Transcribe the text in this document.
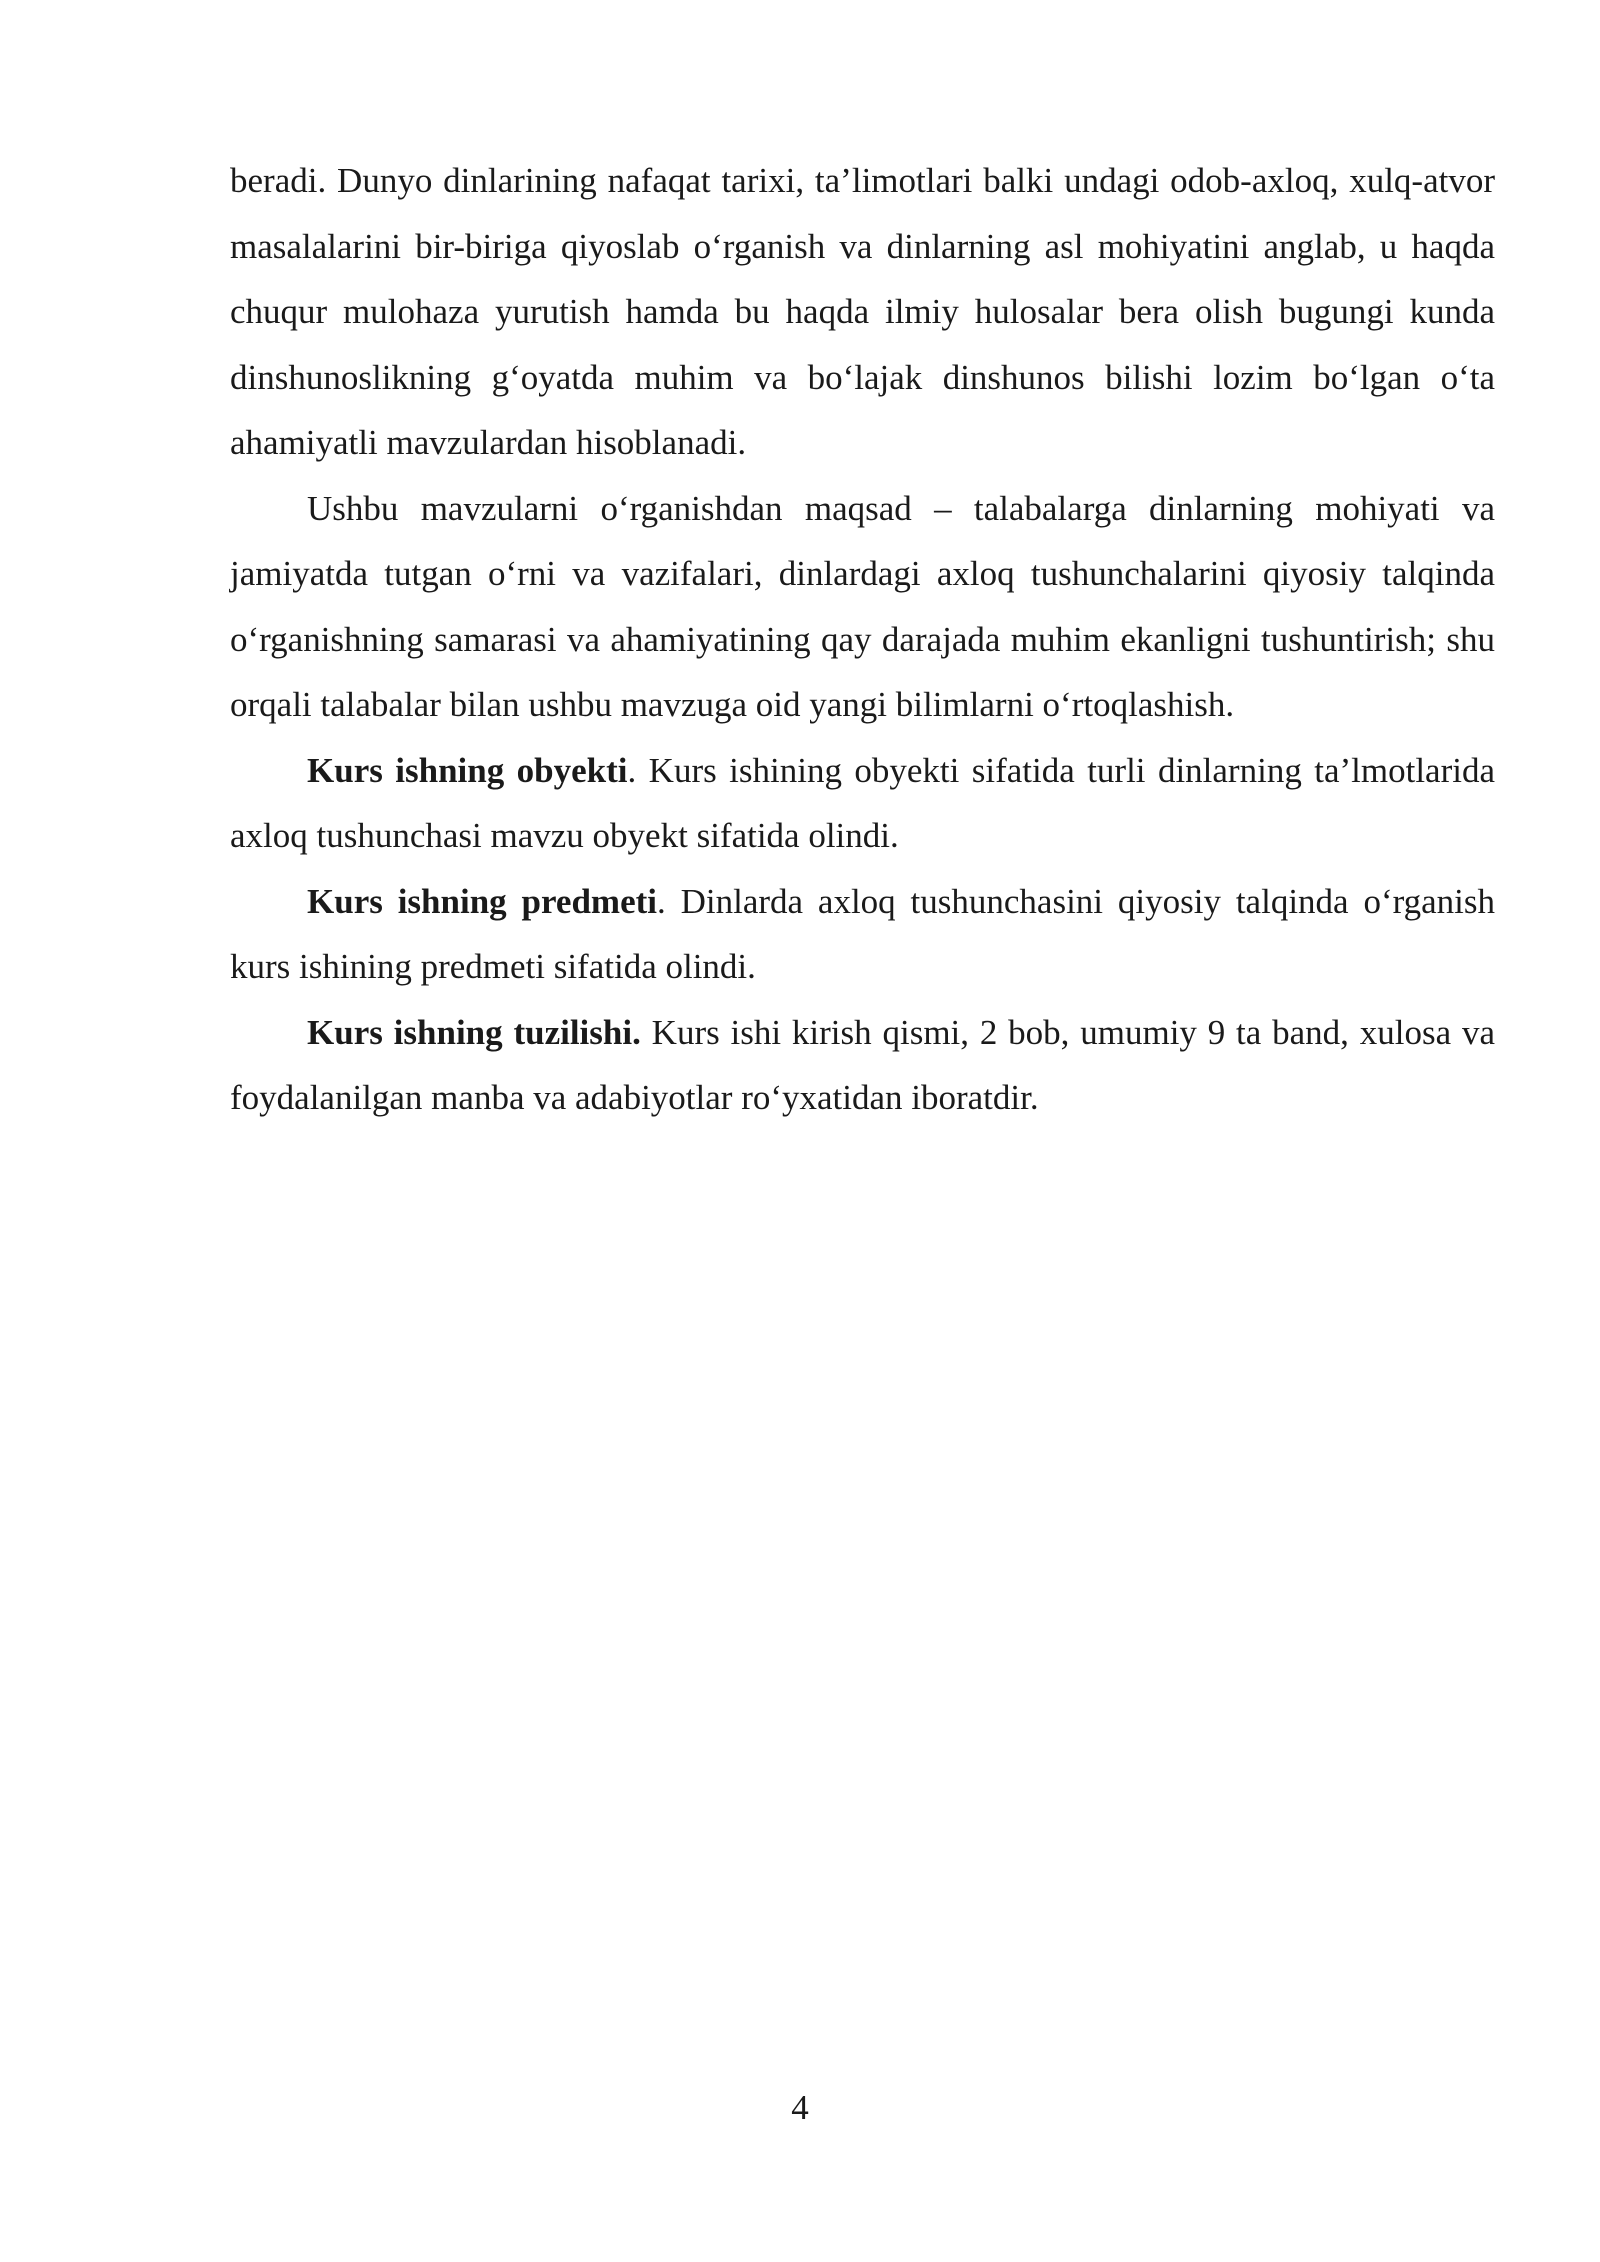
beradi. Dunyo dinlarining nafaqat tarixi, ta’limotlari balki undagi odob-axloq, xulq-atvor masalalarini bir-biriga qiyoslab o‘rganish va dinlarning asl mohiyatini anglab, u haqda chuqur mulohaza yurutish hamda bu haqda ilmiy hulosalar bera olish bugungi kunda dinshunoslikning g‘oyatda muhim va bo‘lajak dinshunos bilishi lozim bo‘lgan o‘ta ahamiyatli mavzulardan hisoblanadi.

Ushbu mavzularni o‘rganishdan maqsad – talabalarga dinlarning mohiyati va jamiyatda tutgan o‘rni va vazifalari, dinlardagi axloq tushunchalarini qiyosiy talqinda o‘rganishning samarasi va ahamiyatining qay darajada muhim ekanligni tushuntirish; shu orqali talabalar bilan ushbu mavzuga oid yangi bilimlarni o‘rtoqlashish.

Kurs ishning obyekti. Kurs ishining obyekti sifatida turli dinlarning ta’lmotlarida axloq tushunchasi mavzu obyekt sifatida olindi.

Kurs ishning predmeti. Dinlarda axloq tushunchasini qiyosiy talqinda o‘rganish kurs ishining predmeti sifatida olindi.

Kurs ishning tuzilishi. Kurs ishi kirish qismi, 2 bob, umumiy 9 ta band, xulosa va foydalanilgan manba va adabiyotlar ro‘yxatidan iboratdir.

4
